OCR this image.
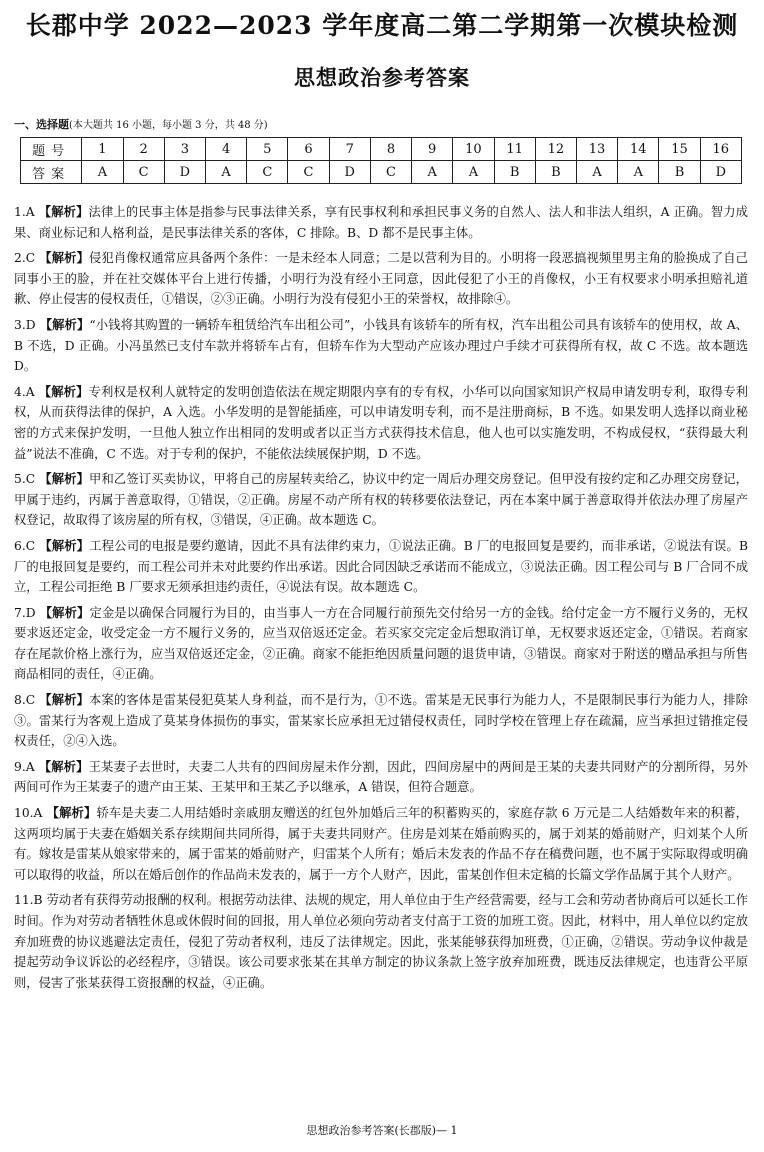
长郡中学 2022—2023 学年度高二第二学期第一次模块检测
思想政治参考答案
一、选择题(本大题共 16 小题，每小题 3 分，共 48 分)
题号	1	2	3	4	5	6	7	8	9	10	11	12	13	14	15	16
答案	A	C	D	A	C	C	D	C	A	A	B	B	A	A	B	D
1.A 【解析】法律上的民事主体是指参与民事法律关系，享有民事权利和承担民事义务的自然人、法人和非法人组织，A 正确。智力成果、商业标记和人格利益，是民事法律关系的客体，C 排除。B、D 都不是民事主体。
2.C 【解析】侵犯肖像权通常应具备两个条件：一是未经本人同意；二是以营利为目的。小明将一段恶搞视频里男主角的脸换成了自己同事小王的脸，并在社交媒体平台上进行传播，小明行为没有经小王同意，因此侵犯了小王的肖像权，小王有权要求小明承担赔礼道歉、停止侵害的侵权责任，①错误，②③正确。小明行为没有侵犯小王的荣誉权，故排除④。
3.D 【解析】“小钱将其购置的一辆轿车租赁给汽车出租公司”，小钱具有该轿车的所有权，汽车出租公司具有该轿车的使用权，故 A、B 不选，D 正确。小冯虽然已支付车款并将轿车占有，但轿车作为大型动产应该办理过户手续才可获得所有权，故 C 不选。故本题选 D。
4.A 【解析】专利权是权利人就特定的发明创造依法在规定期限内享有的专有权，小华可以向国家知识产权局申请发明专利，取得专利权，从而获得法律的保护，A 入选。小华发明的是智能插座，可以申请发明专利，而不是注册商标，B 不选。如果发明人选择以商业秘密的方式来保护发明，一旦他人独立作出相同的发明或者以正当方式获得技术信息，他人也可以实施发明，不构成侵权，“获得最大利益”说法不准确，C 不选。对于专利的保护，不能依法续展保护期，D 不选。
5.C 【解析】甲和乙签订买卖协议，甲将自己的房屋转卖给乙，协议中约定一周后办理交房登记。但甲没有按约定和乙办理交房登记，甲属于违约，丙属于善意取得，①错误，②正确。房屋不动产所有权的转移要依法登记，丙在本案中属于善意取得并依法办理了房屋产权登记，故取得了该房屋的所有权，③错误，④正确。故本题选 C。
6.C 【解析】工程公司的电报是要约邀请，因此不具有法律约束力，①说法正确。B 厂的电报回复是要约，而非承诺，②说法有误。B 厂的电报回复是要约，而工程公司并未对此要约作出承诺。因此合同因缺乏承诺而不能成立，③说法正确。因工程公司与 B 厂合同不成立，工程公司拒绝 B 厂要求无须承担违约责任，④说法有误。故本题选 C。
7.D 【解析】定金是以确保合同履行为目的，由当事人一方在合同履行前预先交付给另一方的金钱。给付定金一方不履行义务的，无权要求返还定金，收受定金一方不履行义务的，应当双倍返还定金。若买家交完定金后想取消订单，无权要求返还定金，①错误。若商家存在尾款价格上涨行为，应当双倍返还定金，②正确。商家不能拒绝因质量问题的退货申请，③错误。商家对于附送的赠品承担与所售商品相同的责任，④正确。
8.C 【解析】本案的客体是雷某侵犯莫某人身利益，而不是行为，①不选。雷某是无民事行为能力人，不是限制民事行为能力人，排除③。雷某行为客观上造成了莫某身体损伤的事实，雷某家长应承担无过错侵权责任，同时学校在管理上存在疏漏，应当承担过错推定侵权责任，②④入选。
9.A 【解析】王某妻子去世时，夫妻二人共有的四间房屋未作分割，因此，四间房屋中的两间是王某的夫妻共同财产的分割所得，另外两间可作为王某妻子的遗产由王某、王某甲和王某乙予以继承，A 错误，但符合题意。
10.A 【解析】轿车是夫妻二人用结婚时亲戚朋友赠送的红包外加婚后三年的积蓄购买的，家庭存款 6 万元是二人结婚数年来的积蓄，这两项均属于夫妻在婚姻关系存续期间共同所得，属于夫妻共同财产。住房是刘某在婚前购买的，属于刘某的婚前财产，归刘某个人所有。嫁妆是雷某从娘家带来的，属于雷某的婚前财产，归雷某个人所有；婚后未发表的作品不存在稿费问题，也不属于实际取得或明确可以取得的收益，所以在婚后创作的作品尚未发表的，属于一方个人财产，因此，雷某创作但未定稿的长篇文学作品属于其个人财产。
11.B 劳动者有获得劳动报酬的权利。根据劳动法律、法规的规定，用人单位由于生产经营需要，经与工会和劳动者协商后可以延长工作时间。作为对劳动者牺牲休息或休假时间的回报，用人单位必须向劳动者支付高于工资的加班工资。因此，材料中，用人单位以约定放弃加班费的协议逃避法定责任，侵犯了劳动者权利，违反了法律规定。因此，张某能够获得加班费，①正确，②错误。劳动争议仲裁是提起劳动争议诉讼的必经程序，③错误。该公司要求张某在其单方制定的协议条款上签字放弃加班费，既违反法律规定，也违背公平原则，侵害了张某获得工资报酬的权益，④正确。
思想政治参考答案(长郡版)— 1
